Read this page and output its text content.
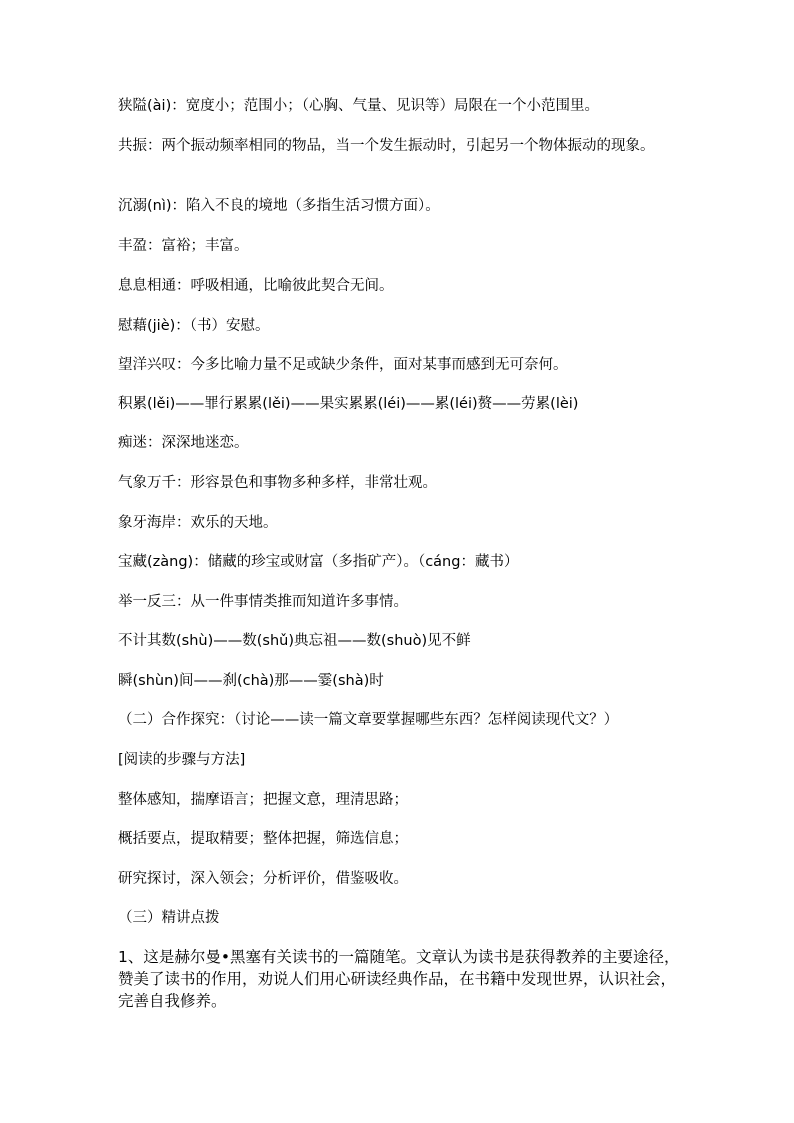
狭隘(ài)：宽度小；范围小；（心胸、气量、见识等）局限在一个小范围里。
共振：两个振动频率相同的物品，当一个发生振动时，引起另一个物体振动的现象。
沉溺(nì)：陷入不良的境地（多指生活习惯方面）。
丰盈：富裕；丰富。
息息相通：呼吸相通，比喻彼此契合无间。
慰藉(jiè)：（书）安慰。
望洋兴叹：今多比喻力量不足或缺少条件，面对某事而感到无可奈何。
积累(lěi)——罪行累累(lěi)——果实累累(léi)——累(léi)赘——劳累(lèi)
痴迷：深深地迷恋。
气象万千：形容景色和事物多种多样，非常壮观。
象牙海岸：欢乐的天地。
宝藏(zàng)：储藏的珍宝或财富（多指矿产）。（cáng：藏书）
举一反三：从一件事情类推而知道许多事情。
不计其数(shù)——数(shǔ)典忘祖——数(shuò)见不鲜
瞬(shùn)间——刹(chà)那——霎(shà)时
（二）合作探究：（讨论——读一篇文章要掌握哪些东西？怎样阅读现代文？）
[阅读的步骤与方法]
整体感知，揣摩语言；把握文意，理清思路；
概括要点，提取精要；整体把握，筛选信息；
研究探讨，深入领会；分析评价，借鉴吸收。
（三）精讲点拨
1、这是赫尔曼•黑塞有关读书的一篇随笔。文章认为读书是获得教养的主要途径，赞美了读书的作用，劝说人们用心研读经典作品，在书籍中发现世界，认识社会，完善自我修养。
